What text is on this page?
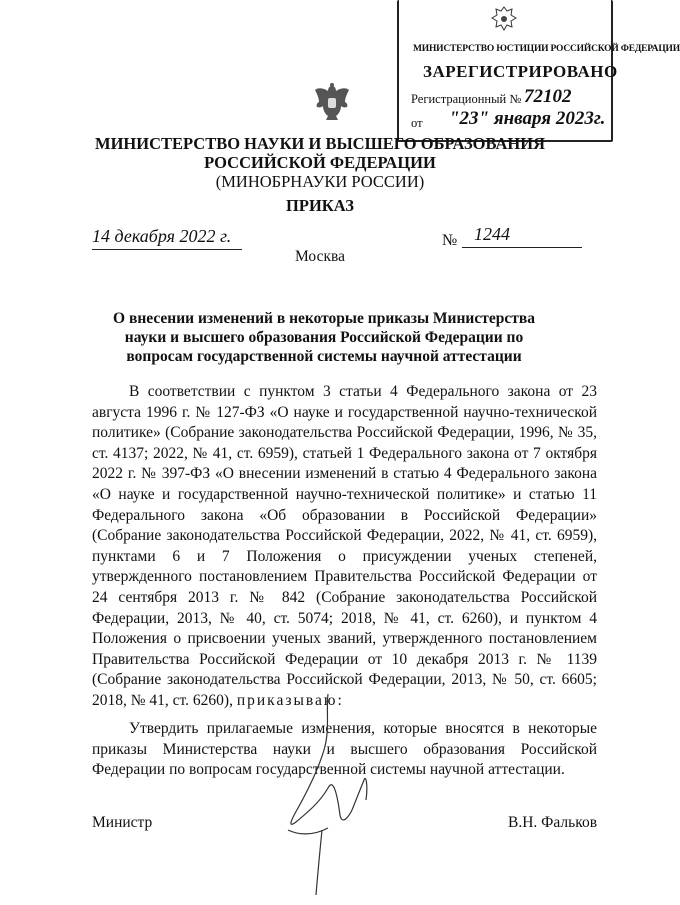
МИНИСТЕРСТВО ЮСТИЦИИ РОССИЙСКОЙ ФЕДЕРАЦИИ
ЗАРЕГИСТРИРОВАНО
Регистрационный № 72102
от "23" января 2023г.
МИНИСТЕРСТВО НАУКИ И ВЫСШЕГО ОБРАЗОВАНИЯ
РОССИЙСКОЙ ФЕДЕРАЦИИ
(МИНОБРНАУКИ РОССИИ)
ПРИКАЗ
14 декабря 2022 г.	№ 1244
Москва
О внесении изменений в некоторые приказы Министерства науки и высшего образования Российской Федерации по вопросам государственной системы научной аттестации
В соответствии с пунктом 3 статьи 4 Федерального закона от 23 августа 1996 г. № 127-ФЗ «О науке и государственной научно-технической политике» (Собрание законодательства Российской Федерации, 1996, № 35, ст. 4137; 2022, № 41, ст. 6959), статьей 1 Федерального закона от 7 октября 2022 г. № 397-ФЗ «О внесении изменений в статью 4 Федерального закона «О науке и государственной научно-технической политике» и статью 11 Федерального закона «Об образовании в Российской Федерации» (Собрание законодательства Российской Федерации, 2022, № 41, ст. 6959), пунктами 6 и 7 Положения о присуждении ученых степеней, утвержденного постановлением Правительства Российской Федерации от 24 сентября 2013 г. № 842 (Собрание законодательства Российской Федерации, 2013, № 40, ст. 5074; 2018, № 41, ст. 6260), и пунктом 4 Положения о присвоении ученых званий, утвержденного постановлением Правительства Российской Федерации от 10 декабря 2013 г. № 1139 (Собрание законодательства Российской Федерации, 2013, № 50, ст. 6605; 2018, № 41, ст. 6260), приказываю:
Утвердить прилагаемые изменения, которые вносятся в некоторые приказы Министерства науки и высшего образования Российской Федерации по вопросам государственной системы научной аттестации.
Министр	В.Н. Фальков
